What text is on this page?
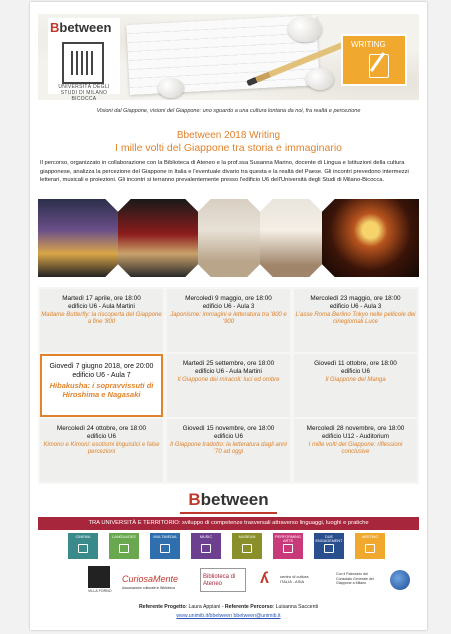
Bbetween
UNIVERSITÀ DEGLI STUDI DI MILANO BICOCCA
WRITING
Visioni dal Giappone, visioni del Giappone: uno sguardo a una cultura lontana da noi, fra realtà e percezione
Bbetween 2018 Writing
I mille volti del Giappone tra storia e immaginario
Il percorso, organizzato in collaborazione con la Biblioteca di Ateneo e la prof.ssa Susanna Marino, docente di Lingua e Istituzioni della cultura giapponese, analizza la percezione del Giappone in Italia e l'eventuale divario tra questa e la realtà del Paese. Gli incontri prevedono intermezzi letterari, musicali e proiezioni. Gli incontri si terranno prevalentemente presso l'edificio U6 dell'Università degli Studi di Milano-Bicocca.
Martedì 17 aprile, ore 18:00
edificio U6 - Aula Martini
Madame Butterfly: la riscoperta del Giappone a fine '800
Mercoledì 9 maggio, ore 18:00
edificio U6 - Aula 3
Japonisme: immagini e letteratura tra '800 e '900
Mercoledì 23 maggio, ore 18:00
edificio U6 - Aula 3
L'asse Roma Berlino Tokyo nelle pellicole dei cinegiornali Luce
Giovedì 7 giugno 2018, ore 20:00
edificio U6 - Aula 7
Hibakusha: i sopravvissuti di Hiroshima e Nagasaki
Martedì 25 settembre, ore 18:00
edificio U6 - Aula Martini
Il Giappone dei miracoli: luci ed ombre
Giovedì 11 ottobre, ore 18:00
edificio U6
Il Giappone del Manga
Mercoledì 24 ottobre, ore 18:00
edificio U6
Kimono e Kimoni: esotismi linguistici e false percezioni
Giovedì 15 novembre, ore 18:00
edificio U6
Il Giappone tradotto: la letteratura dagli anni '70 ad oggi
Mercoledì 28 novembre, ore 18:00
edificio U12 - Auditorium
I mille volti del Giappone: riflessioni conclusive
Bbetween
TRA UNIVERSITÀ E TERRITORIO: sviluppo di competenze trasversali attraverso linguaggi, luoghi e pratiche
CINEMA	LANGUAGES	MULTIMEDIA	MUSIC	MUSEUM	PERFORMING ARTS
DUE ENGAGEMENT
WRITING
VILLA FORNO
CuriosaMente
Associazione culturale in Biblioteca
Biblioteca di Ateneo	ʎ	centro di cultura ITALIA - ASIA
Con il Patrocinio del Consolato Generale del Giappone a Milano
Referente Progetto: Laura Appiani - Referente Percorso: Luisanna Saccenti
www.unimib.it/bbetween bbetween@unimib.it
